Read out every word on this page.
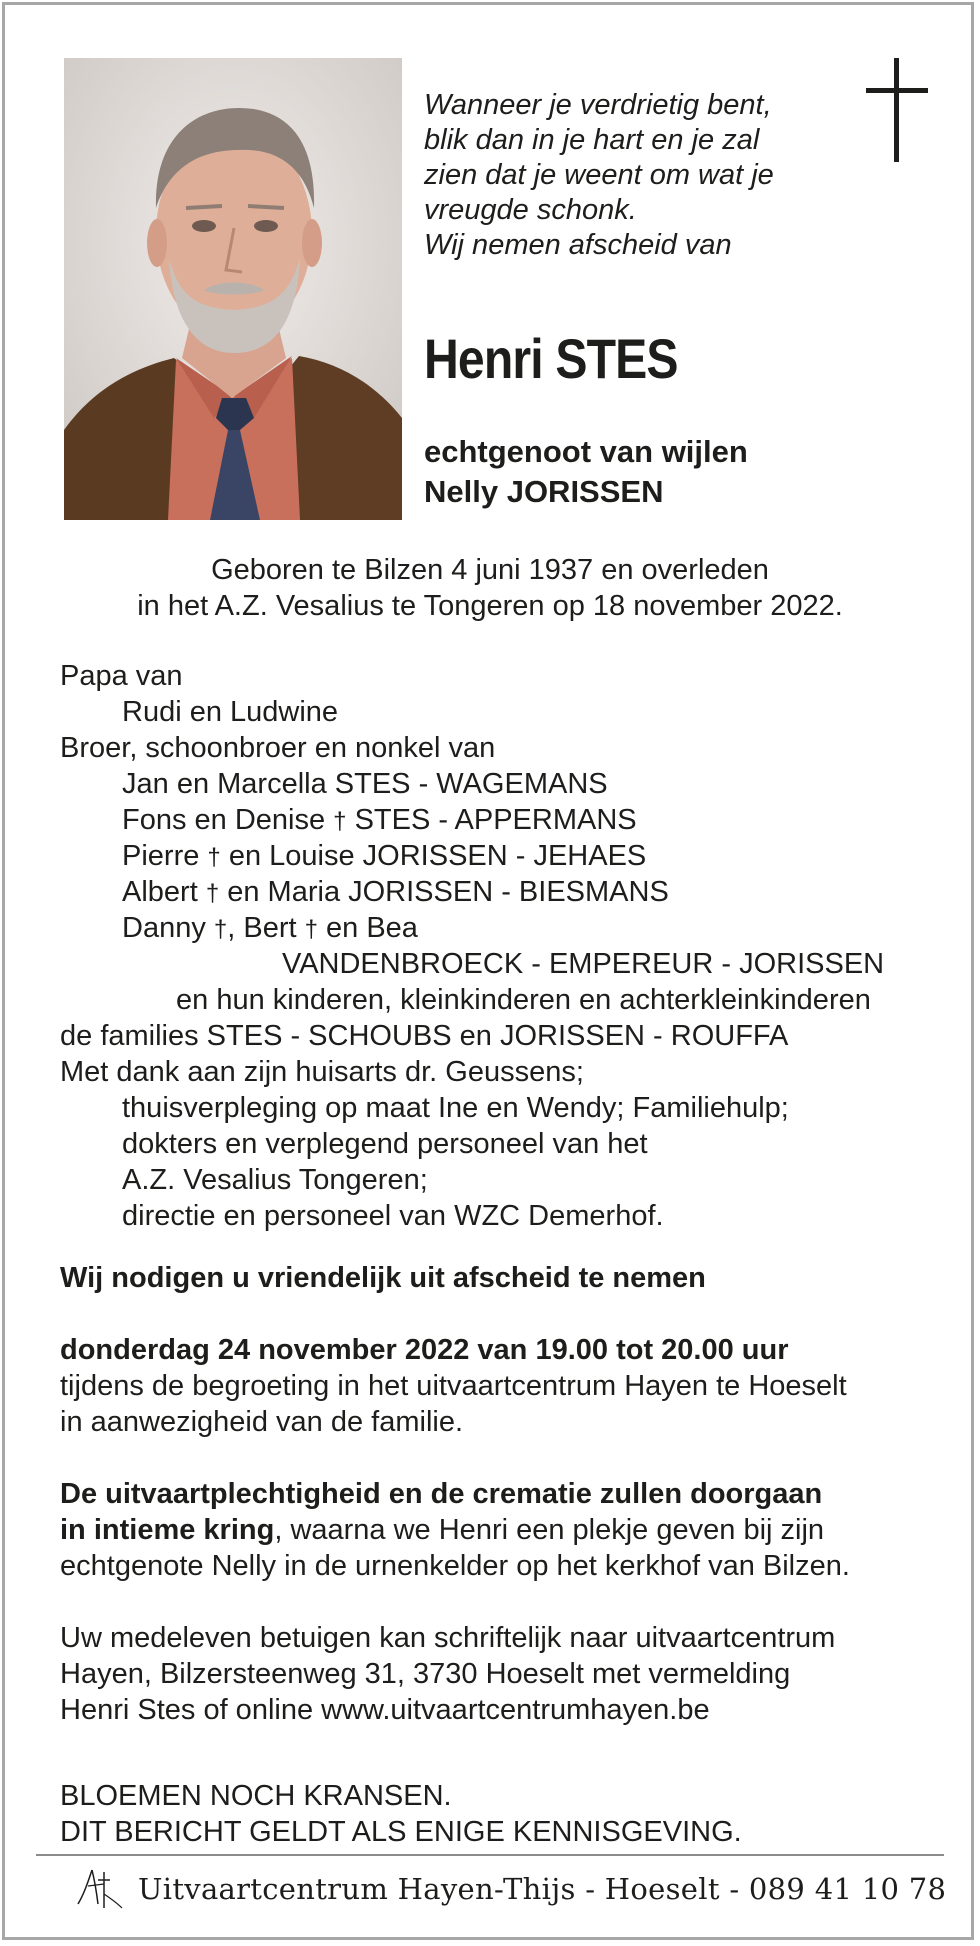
Wanneer je verdrietig bent,
blik dan in je hart en je zal
zien dat je weent om wat je
vreugde schonk.
Wij nemen afscheid van
Henri STES
echtgenoot van wijlen
Nelly JORISSEN
Geboren te Bilzen 4 juni 1937 en overleden
in het A.Z. Vesalius te Tongeren op 18 november 2022.
Papa van
Rudi en Ludwine
Broer, schoonbroer en nonkel van
Jan en Marcella STES - WAGEMANS
Fons en Denise † STES - APPERMANS
Pierre † en Louise JORISSEN - JEHAES
Albert † en Maria JORISSEN - BIESMANS
Danny †, Bert † en Bea
VANDENBROECK - EMPEREUR - JORISSEN
en hun kinderen, kleinkinderen en achterkleinkinderen
de families STES - SCHOUBS en JORISSEN - ROUFFA
Met dank aan zijn huisarts dr. Geussens;
thuisverpleging op maat Ine en Wendy; Familiehulp;
dokters en verplegend personeel van het
A.Z. Vesalius Tongeren;
directie en personeel van WZC Demerhof.
Wij nodigen u vriendelijk uit afscheid te nemen
donderdag 24 november 2022 van 19.00 tot 20.00 uur
tijdens de begroeting in het uitvaartcentrum Hayen te Hoeselt
in aanwezigheid van de familie.
De uitvaartplechtigheid en de crematie zullen doorgaan
in intieme kring, waarna we Henri een plekje geven bij zijn
echtgenote Nelly in de urnenkelder op het kerkhof van Bilzen.
Uw medeleven betuigen kan schriftelijk naar uitvaartcentrum
Hayen, Bilzersteenweg 31, 3730 Hoeselt met vermelding
Henri Stes of online www.uitvaartcentrumhayen.be
BLOEMEN NOCH KRANSEN.
DIT BERICHT GELDT ALS ENIGE KENNISGEVING.
Uitvaartcentrum Hayen-Thijs - Hoeselt - 089 41 10 78
